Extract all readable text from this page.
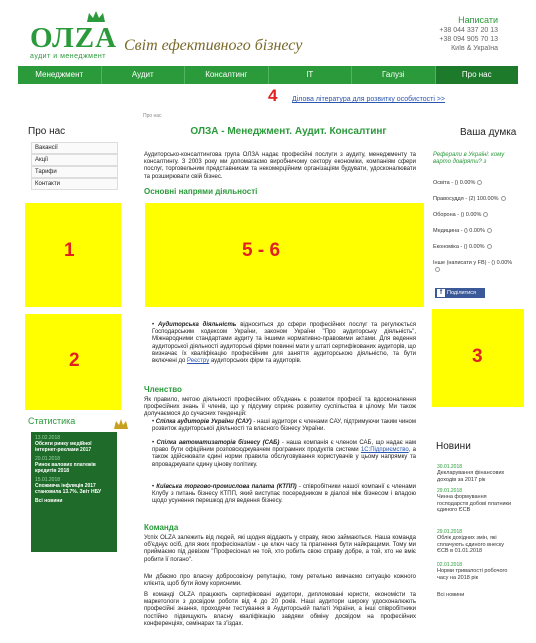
ОЛZA
аудит и менеджмент
Світ ефективного бізнесу
Написати
+38 044 337 20 13
+38 094 905 70 13
Київ & Україна
Менеджмент	Аудит	Консалтинг	IT	Галузі	Про нас
4 Ділова література для розвитку особистості >>
Про нас
Вакансії
Акції
Тарифи
Контакти
1
2
Статистика
13.02.2018
Обсяги ринку медійної інтернет-реклами 2017
20.01.2018
Ринок валових платежів кредитів 2018
15.01.2018
Споживча інфляція 2017 становила 13.7%. Звіт НБУ
Всі новини
Про нас
ОЛЗА - Менеджмент. Аудит. Консалтинг
Аудиторсько-консалтингова група ОЛЗА надає професійні послуги з аудиту, менеджменту та консалтингу. З 2003 року ми допомагаємо виробничому сектору економіки, компаніям сфери послуг, торговельним представникам та некомерційним організаціям будувати, удосконалювати та розширювати свій бізнес.
Основні напрями діяльності
5 - 6
• Аудиторська діяльність відноситься до сфери професійних послуг та регулюється Господарським кодексом України, законом України "Про аудиторську діяльність", Міжнародними стандартами аудиту та іншими нормативно-правовими актами. Для ведення аудиторської діяльності аудиторські фірми повинні мати у штаті сертифікованих аудиторів, що визначає їх кваліфікацію професійним для заняття аудиторською діяльністю, та бути включені до Реєстру аудиторських фірм та аудиторів.
Членство
Як правило, метою діяльності професійних об'єднань є розвиток професії та вдосконалення професійних знань її членів, що у підсумку сприяє розвитку суспільства в цілому. Ми також долучаємося до сучасних тенденцій:
• Спілка аудиторів України (САУ) - наші аудитори є членами САУ, підтримуючи таким чином розвиток аудиторської діяльності та власного бізнесу України.
• Спілка автоматизаторів бізнесу (САБ) - наша компанія є членом САБ, що надає нам право бути офіційним розповсюджувачем програмних продуктів системи 1С:Підприємство, а також здійснювати єдині норми правила обслуговування користувачів у цьому напрямку та впроваджувати єдину цінову політику.
• Київська торгово-промислова палата (КТПП) - співробітники нашої компанії є членами Клубу з питань бізнесу КТПП, який виступає посередником в діалозі між бізнесом і владою щодо усунення перешкод для ведення бізнесу.
Команда
Успіх OLZA залежить від людей, які щодня віддають у справу, якою займаються. Наша команда об'єднує осіб, для яких професіоналізм - це ключ часу та прагнення бути найкращими. Тому ми приймаємо під девізом "Професіонал не той, хто робить свою справу добре, а той, хто не вміє робити її погано".
Ми дбаємо про власну добросовісну репутацію, тому ретельно вивчаємо ситуацію кожного клієнта, щоб бути йому корисними.
В команді OLZA працюють сертифіковані аудитори, дипломовані юристи, економісти та маркетологи з досвідом роботи від 4 до 20 років. Наші аудитори широку удосконалюють професійні знання, проходячи тестування в Аудиторській палаті України, а інші співробітники постійно підвищують власну кваліфікацію завдяки обміну досвідом на професійних конференціях, семінарах та з'їздах.
Ваша думка
Реферали в Україні: кому варто довіряти? з
Освіта - () 0.00%
Правосуддя - (2) 100.00%
Оборона - () 0.00%
Медицина - () 0.00%
Економіка - () 0.00%
Інше (написати у FB) - () 0.00%
f Поділитися
3
Новини
30.01.2018
Декларування фінансових доходів за 2017 рік
29.01.2018
Чинна формування господарств добові платники єдиного ЄСВ
29.01.2018
Облік дохідних змін, які сплачують єдиного внеску ЄСВ в 01.01.2018
02.01.2018
Норми тривалості робочого часу на 2018 рік
Всі новини
